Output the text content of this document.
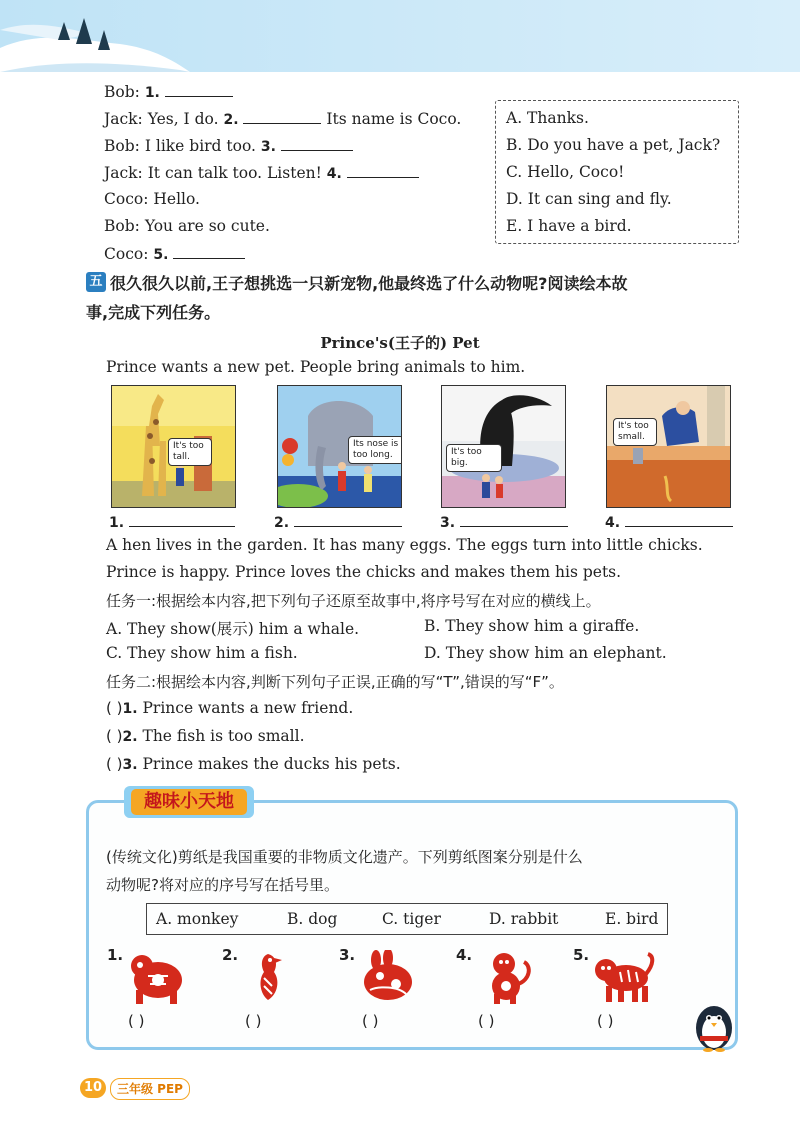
Bob: 1.
Jack: Yes, I do. 2.	Its name is Coco.
Bob: I like bird too. 3.
Jack: It can talk too. Listen! 4.
Coco: Hello.
Bob: You are so cute.
Coco: 5.
A. Thanks.
B. Do you have a pet, Jack?
C. Hello, Coco!
D. It can sing and fly.
E. I have a bird.
五 很久很久以前,王子想挑选一只新宠物,他最终选了什么动物呢?阅读绘本故
事,完成下列任务。
Prince's(王子的) Pet
Prince wants a new pet. People bring animals to him.
It's too tall.
Its nose is too long.	It's too big.
It's too small.
1.	2.	3.	4.
A hen lives in the garden. It has many eggs. The eggs turn into little chicks.
Prince is happy. Prince loves the chicks and makes them his pets.
任务一:根据绘本内容,把下列句子还原至故事中,将序号写在对应的横线上。
A. They show(展示) him a whale.	B. They show him a giraffe.
C. They show him a fish.	D. They show him an elephant.
任务二:根据绘本内容,判断下列句子正误,正确的写“T”,错误的写“F”。
( )1. Prince wants a new friend.
( )2. The fish is too small.
( )3. Prince makes the ducks his pets.
趣味小天地
(传统文化)剪纸是我国重要的非物质文化遗产。下列剪纸图案分别是什么
动物呢?将对应的序号写在括号里。
A. monkey	B. dog	C. tiger	D. rabbit	E. bird
1.
( )
2.
( )
3.
( )
4.
( )
5.
( )
10	三年级 PEP
